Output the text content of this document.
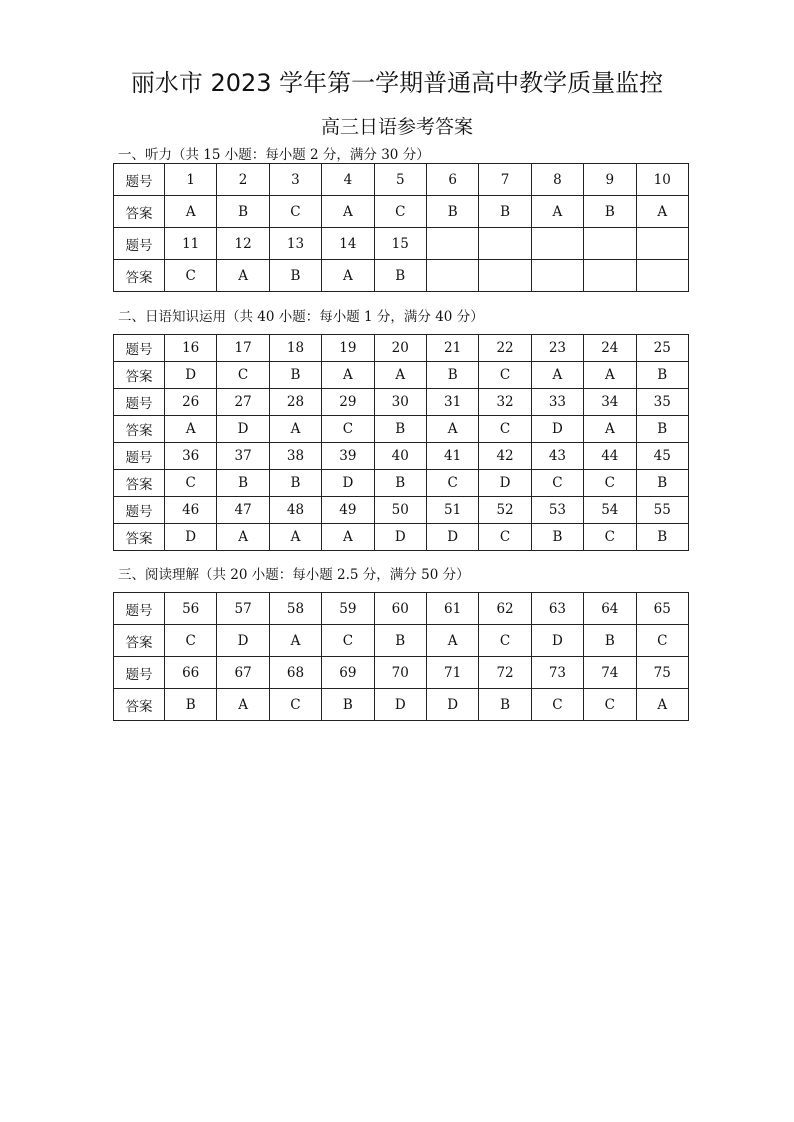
丽水市 2023 学年第一学期普通高中教学质量监控
高三日语参考答案
一、听力（共 15 小题：每小题 2 分，满分 30 分）
题号	1	2	3	4	5	6	7	8	9	10
答案	A	B	C	A	C	B	B	A	B	A
题号	11	12	13	14	15					
答案	C	A	B	A	B					
二、日语知识运用（共 40 小题：每小题 1 分，满分 40 分）
题号	16	17	18	19	20	21	22	23	24	25
答案	D	C	B	A	A	B	C	A	A	B
题号	26	27	28	29	30	31	32	33	34	35
答案	A	D	A	C	B	A	C	D	A	B
题号	36	37	38	39	40	41	42	43	44	45
答案	C	B	B	D	B	C	D	C	C	B
题号	46	47	48	49	50	51	52	53	54	55
答案	D	A	A	A	D	D	C	B	C	B
三、阅读理解（共 20 小题：每小题 2.5 分，满分 50 分）
题号	56	57	58	59	60	61	62	63	64	65
答案	C	D	A	C	B	A	C	D	B	C
题号	66	67	68	69	70	71	72	73	74	75
答案	B	A	C	B	D	D	B	C	C	A
